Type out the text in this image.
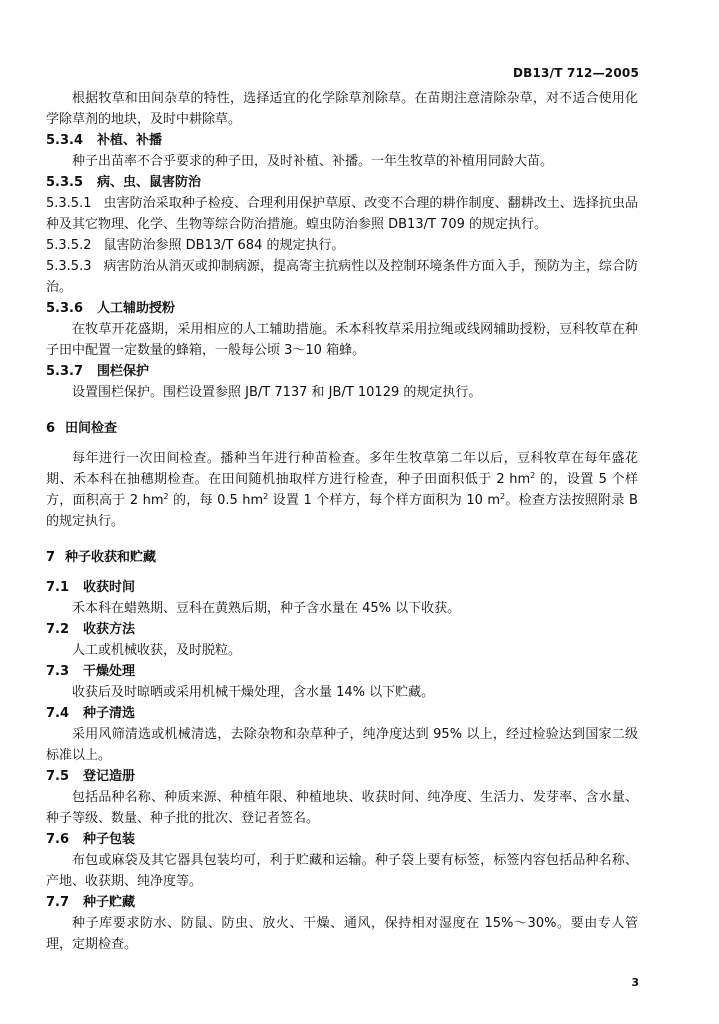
DB13/T 712—2005
根据牧草和田间杂草的特性，选择适宜的化学除草剂除草。在苗期注意清除杂草，对不适合使用化学除草剂的地块，及时中耕除草。
5.3.4 补植、补播
种子出苗率不合乎要求的种子田，及时补植、补播。一年生牧草的补植用同龄大苗。
5.3.5 病、虫、鼠害防治
5.3.5.1 虫害防治采取种子检疫、合理利用保护草原、改变不合理的耕作制度、翻耕改土、选择抗虫品种及其它物理、化学、生物等综合防治措施。蝗虫防治参照 DB13/T 709 的规定执行。
5.3.5.2 鼠害防治参照 DB13/T 684 的规定执行。
5.3.5.3 病害防治从消灭或抑制病源，提高寄主抗病性以及控制环境条件方面入手，预防为主，综合防治。
5.3.6 人工辅助授粉
在牧草开花盛期，采用相应的人工辅助措施。禾本科牧草采用拉绳或线网辅助授粉，豆科牧草在种子田中配置一定数量的蜂箱，一般每公顷 3～10 箱蜂。
5.3.7 围栏保护
设置围栏保护。围栏设置参照 JB/T 7137 和 JB/T 10129 的规定执行。
6 田间检查
每年进行一次田间检查。播种当年进行种苗检查。多年生牧草第二年以后，豆科牧草在每年盛花期、禾本科在抽穗期检查。在田间随机抽取样方进行检查，种子田面积低于 2 $hm^2$ 的，设置 5 个样方，面积高于 2 $hm^2$ 的，每 0.5 $hm^2$ 设置 1 个样方，每个样方面积为 10 $m^2$。检查方法按照附录 B 的规定执行。
7 种子收获和贮藏
7.1 收获时间
禾本科在蜡熟期、豆科在黄熟后期，种子含水量在 45% 以下收获。
7.2 收获方法
人工或机械收获，及时脱粒。
7.3 干燥处理
收获后及时晾晒或采用机械干燥处理，含水量 14% 以下贮藏。
7.4 种子清选
采用风筛清选或机械清选，去除杂物和杂草种子，纯净度达到 95% 以上，经过检验达到国家二级标准以上。
7.5 登记造册
包括品种名称、种质来源、种植年限、种植地块、收获时间、纯净度、生活力、发芽率、含水量、种子等级、数量、种子批的批次、登记者签名。
7.6 种子包装
布包或麻袋及其它器具包装均可，利于贮藏和运输。种子袋上要有标签，标签内容包括品种名称、产地、收获期、纯净度等。
7.7 种子贮藏
种子库要求防水、防鼠、防虫、放火、干燥、通风，保持相对湿度在 15%～30%。要由专人管理，定期检查。
3
